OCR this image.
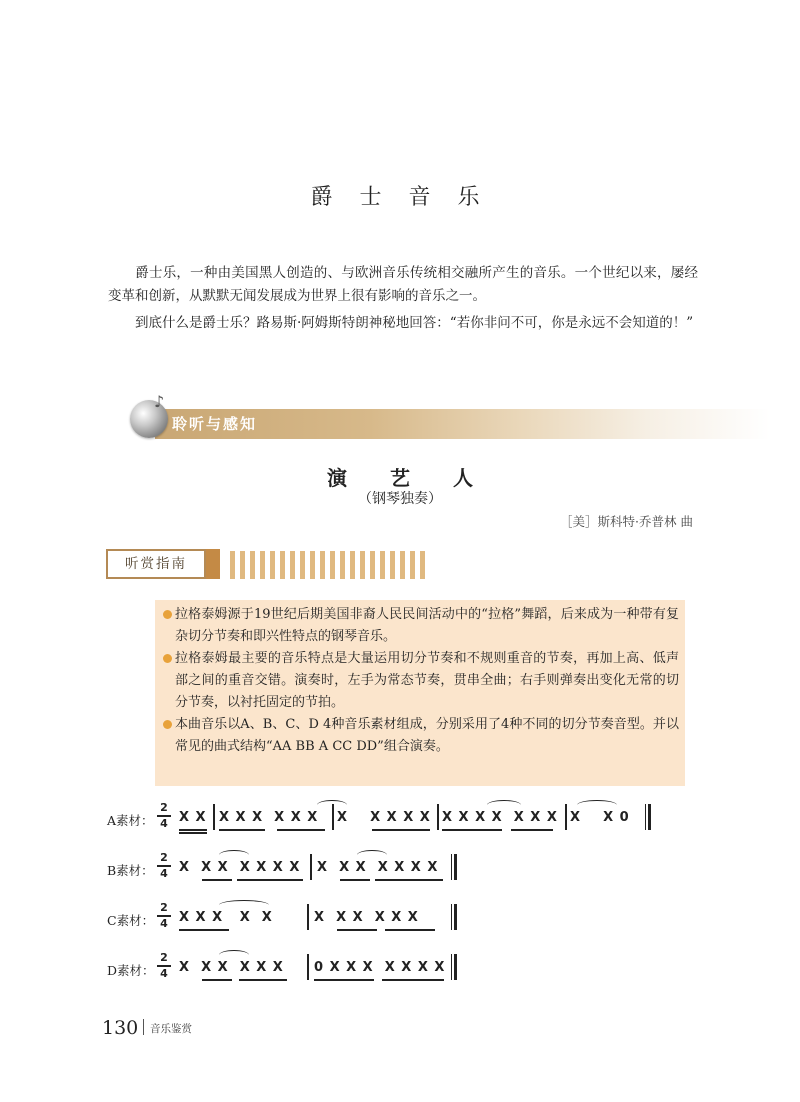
爵 士 音 乐
爵士乐，一种由美国黑人创造的、与欧洲音乐传统相交融所产生的音乐。一个世纪以来，屡经变革和创新，从默默无闻发展成为世界上很有影响的音乐之一。
到底什么是爵士乐？路易斯·阿姆斯特朗神秘地回答：“若你非问不可，你是永远不会知道的！”
♪
聆听与感知
演 艺 人
（钢琴独奏）
［美］斯科特·乔普林 曲
听赏指南
拉格泰姆源于19世纪后期美国非裔人民民间活动中的“拉格”舞蹈，后来成为一种带有复杂切分节奏和即兴性特点的钢琴音乐。
拉格泰姆最主要的音乐特点是大量运用切分节奏和不规则重音的节奏，再加上高、低声部之间的重音交错。演奏时，左手为常态节奏，贯串全曲；右手则弹奏出变化无常的切分节奏，以衬托固定的节拍。
本曲音乐以A、B、C、D 4种音乐素材组成，分别采用了4种不同的切分节奏音型。并以常见的曲式结构“AA BB A CC DD”组合演奏。
A素材：
2
4 X X X X X  X X X X    X X X X X X X X  X X X X    X 0
B素材：
2
4 X  X X  X X X X X  X X  X X X X
C素材：
2
4 X X X   X  X	X  X X  X X X
D素材：
2
4 X  X X  X X X 0 X X X  X X X X
130 音乐鉴赏
